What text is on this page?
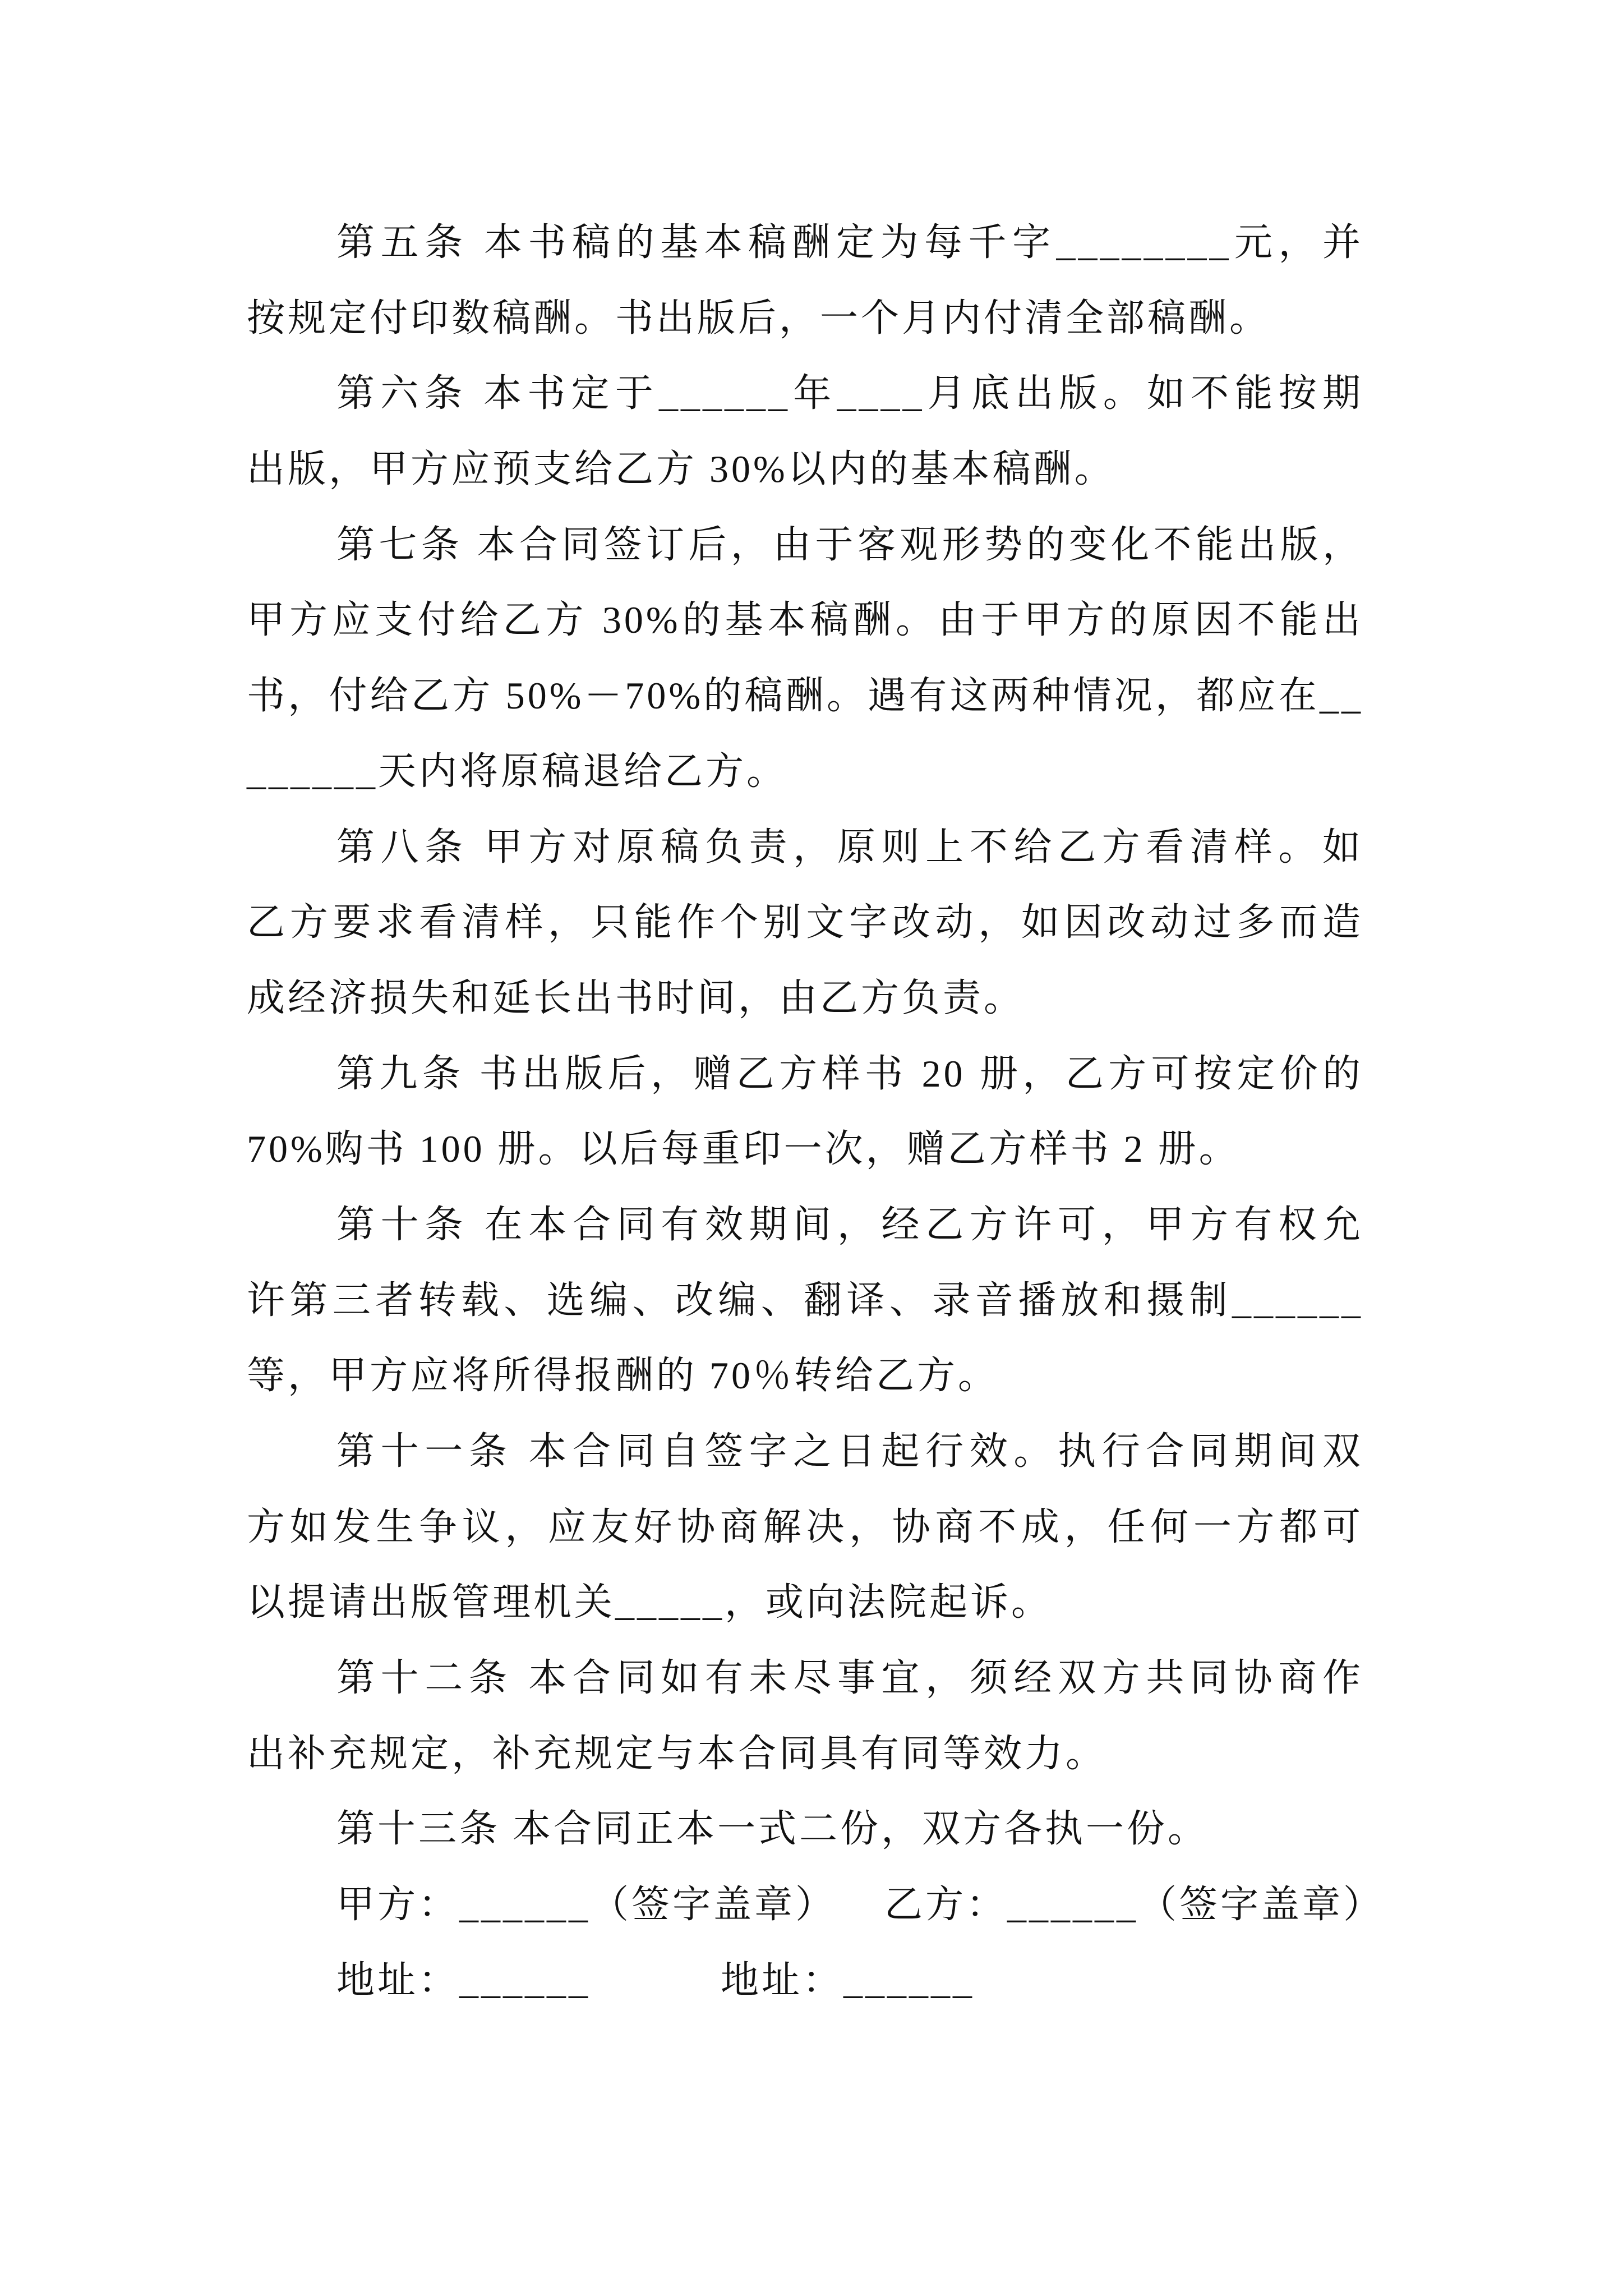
第五条 本书稿的基本稿酬定为每千字________元，并
按规定付印数稿酬。书出版后，一个月内付清全部稿酬。
第六条 本书定于______年____月底出版。如不能按期
出版，甲方应预支给乙方 30%以内的基本稿酬。
第七条 本合同签订后，由于客观形势的变化不能出版，
甲方应支付给乙方 30%的基本稿酬。由于甲方的原因不能出
书，付给乙方 50%－70%的稿酬。遇有这两种情况，都应在__
______天内将原稿退给乙方。
第八条 甲方对原稿负责，原则上不给乙方看清样。如
乙方要求看清样，只能作个别文字改动，如因改动过多而造
成经济损失和延长出书时间，由乙方负责。
第九条 书出版后，赠乙方样书 20 册，乙方可按定价的
70%购书 100 册。以后每重印一次，赠乙方样书 2 册。
第十条 在本合同有效期间，经乙方许可，甲方有权允
许第三者转载、选编、改编、翻译、录音播放和摄制______
等，甲方应将所得报酬的 70％转给乙方。
第十一条 本合同自签字之日起行效。执行合同期间双
方如发生争议，应友好协商解决，协商不成，任何一方都可
以提请出版管理机关_____，或向法院起诉。
第十二条 本合同如有未尽事宜，须经双方共同协商作
出补充规定，补充规定与本合同具有同等效力。
第十三条 本合同正本一式二份，双方各执一份。
甲方：______（签字盖章） 乙方：______（签字盖章）
地址：______	地址：______
